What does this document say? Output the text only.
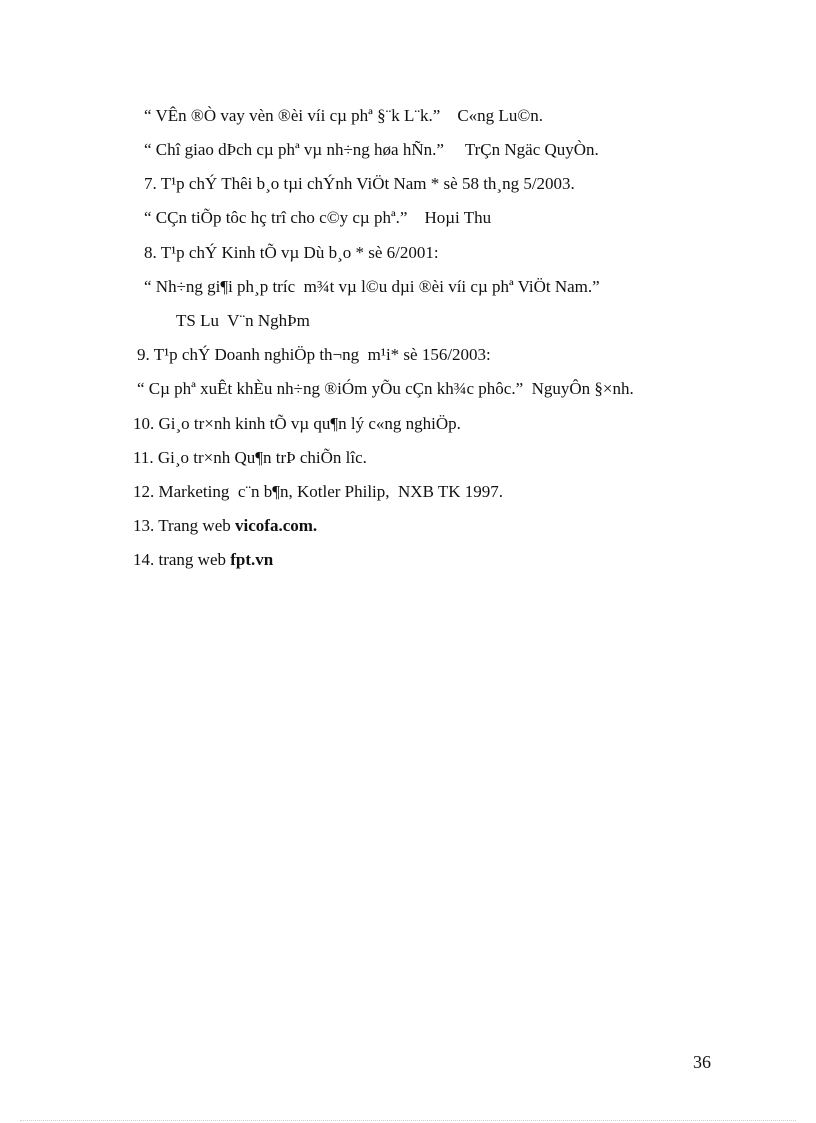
“ VÊn ®Ò vay vèn ®èi víi cµ phª §¨k L¨k.”    C«ng Lu©n.
“ Chî giao dÞch cµ phª vµ nh÷ng høa hÑn.”     TrÇn Ngäc QuyÒn.
7. T¹p chÝ Thêi b¸o tµi chÝnh ViÖt Nam * sè 58 th¸ng 5/2003.
“ CÇn tiÕp tôc hç trî cho c©y cµ phª.”    Hoµi Thu
8. T¹p chÝ Kinh tÕ vµ Dù b¸o * sè 6/2001:
“ Nh÷ng gi¶i ph¸p tríc  m¾t vµ l©u dµi ®èi víi cµ phª ViÖt Nam.”
TS Lu  V¨n NghÞm
9. T¹p chÝ Doanh nghiÖp th¬ng  m¹i* sè 156/2003:
“ Cµ phª xuÊt khÈu nh÷ng ®iÓm yÕu cÇn kh¾c phôc.”  NguyÔn §×nh.
10. Gi¸o tr×nh kinh tÕ vµ qu¶n lý c«ng nghiÖp.
11. Gi¸o tr×nh Qu¶n trÞ chiÕn lîc.
12. Marketing  c¨n b¶n, Kotler Philip,  NXB TK 1997.
13. Trang web vicofa.com.
14. trang web fpt.vn
36
